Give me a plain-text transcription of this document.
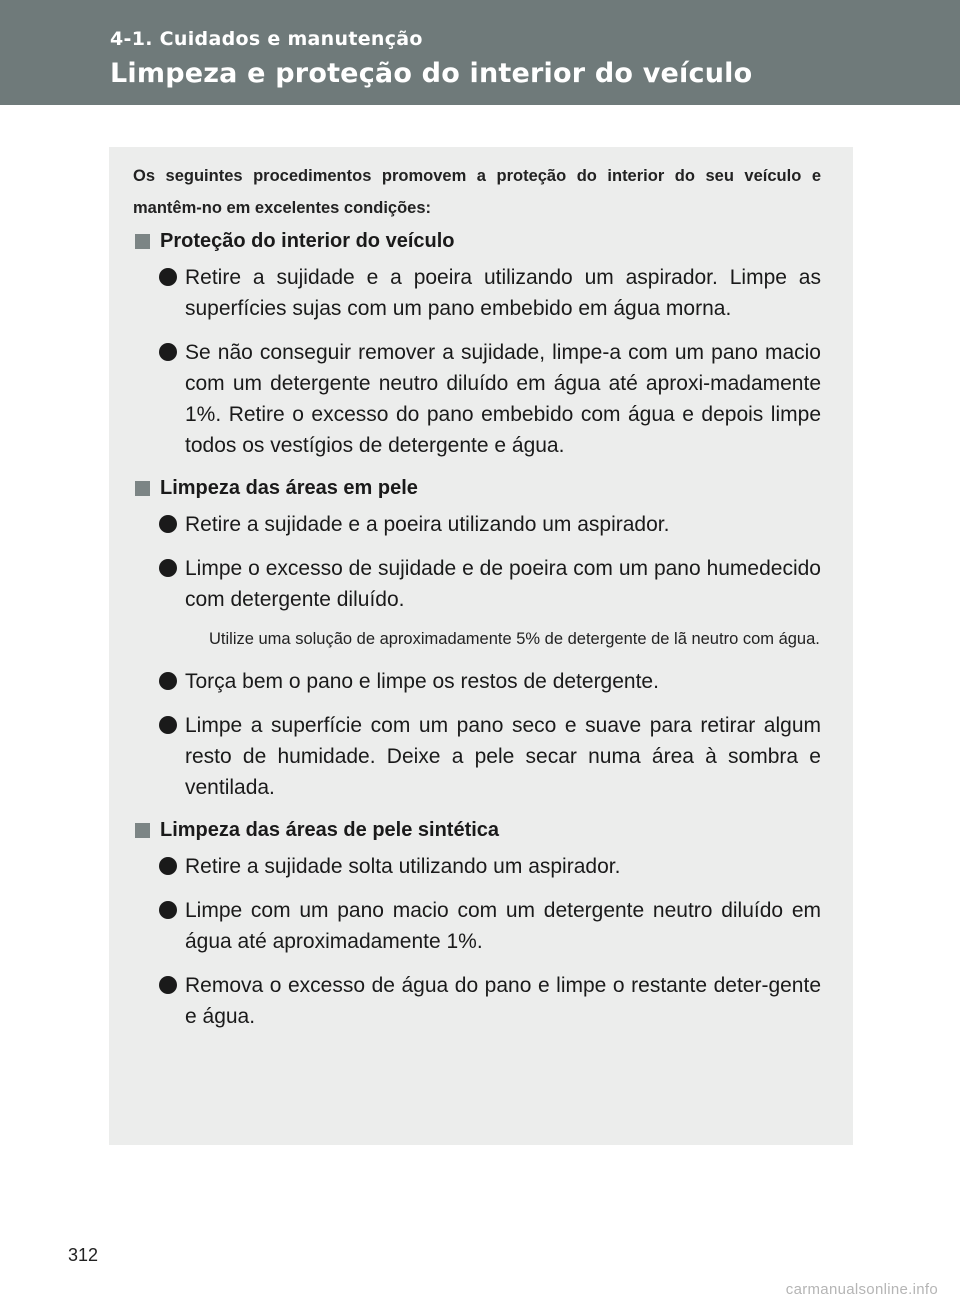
4-1. Cuidados e manutenção
Limpeza e proteção do interior do veículo

Os seguintes procedimentos promovem a proteção do interior do seu veículo e mantêm-no em excelentes condições:

Proteção do interior do veículo
Retire a sujidade e a poeira utilizando um aspirador. Limpe as superfícies sujas com um pano embebido em água morna.
Se não conseguir remover a sujidade, limpe-a com um pano macio com um detergente neutro diluído em água até aproxi-madamente 1%. Retire o excesso do pano embebido com água e depois limpe todos os vestígios de detergente e água.
Limpeza das áreas em pele
Retire a sujidade e a poeira utilizando um aspirador.
Limpe o excesso de sujidade e de poeira com um pano humedecido com detergente diluído.
Utilize uma solução de aproximadamente 5% de detergente de lã neutro com água.
Torça bem o pano e limpe os restos de detergente.
Limpe a superfície com um pano seco e suave para retirar algum resto de humidade. Deixe a pele secar numa área à sombra e ventilada.
Limpeza das áreas de pele sintética
Retire a sujidade solta utilizando um aspirador.
Limpe com um pano macio com um detergente neutro diluído em água até aproximadamente 1%.
Remova o excesso de água do pano e limpe o restante deter-gente e água.
312
carmanualsonline.info
